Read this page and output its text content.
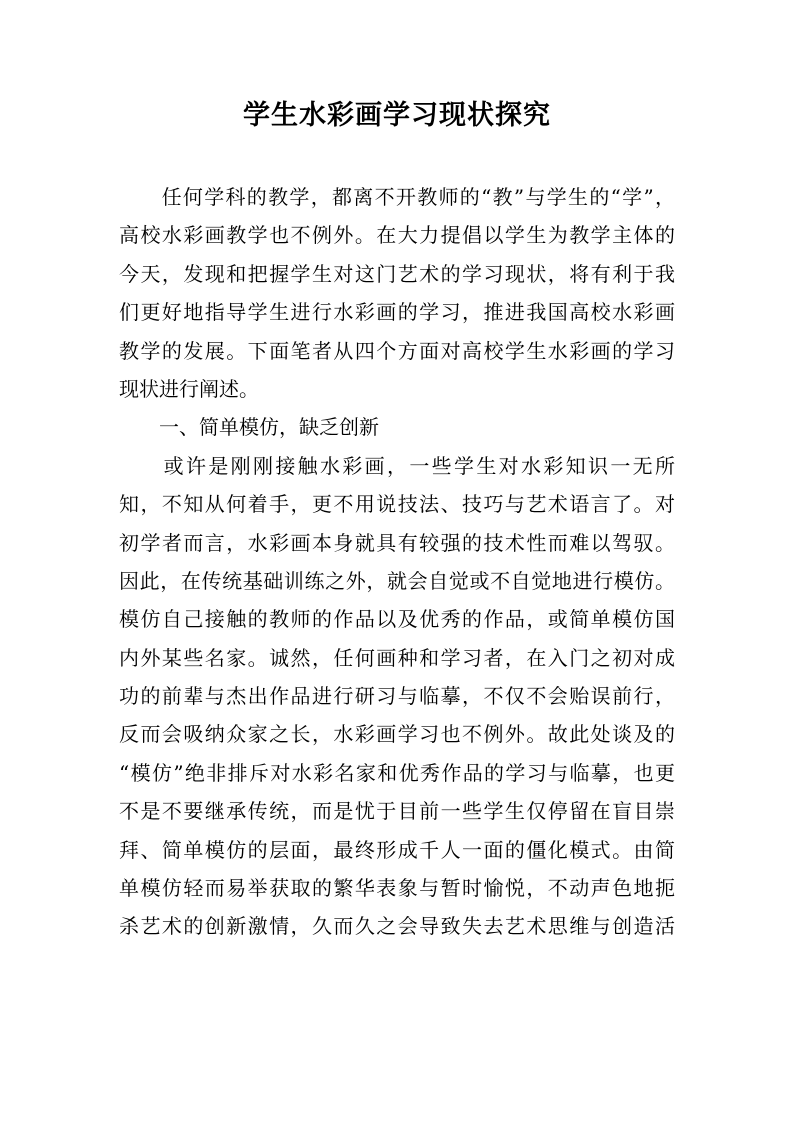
学生水彩画学习现状探究
　　任何学科的教学，都离不开教师的“教”与学生的“学”，
高校水彩画教学也不例外。在大力提倡以学生为教学主体的
今天，发现和把握学生对这门艺术的学习现状，将有利于我
们更好地指导学生进行水彩画的学习，推进我国高校水彩画
教学的发展。下面笔者从四个方面对高校学生水彩画的学习
现状进行阐述。
　　一、简单模仿，缺乏创新
　　或许是刚刚接触水彩画，一些学生对水彩知识一无所
知，不知从何着手，更不用说技法、技巧与艺术语言了。对
初学者而言，水彩画本身就具有较强的技术性而难以驾驭。
因此，在传统基础训练之外，就会自觉或不自觉地进行模仿。
模仿自己接触的教师的作品以及优秀的作品，或简单模仿国
内外某些名家。诚然，任何画种和学习者，在入门之初对成
功的前辈与杰出作品进行研习与临摹，不仅不会贻误前行，
反而会吸纳众家之长，水彩画学习也不例外。故此处谈及的
“模仿”绝非排斥对水彩名家和优秀作品的学习与临摹，也更
不是不要继承传统，而是忧于目前一些学生仅停留在盲目崇
拜、简单模仿的层面，最终形成千人一面的僵化模式。由简
单模仿轻而易举获取的繁华表象与暂时愉悦，不动声色地扼
杀艺术的创新激情，久而久之会导致失去艺术思维与创造活
